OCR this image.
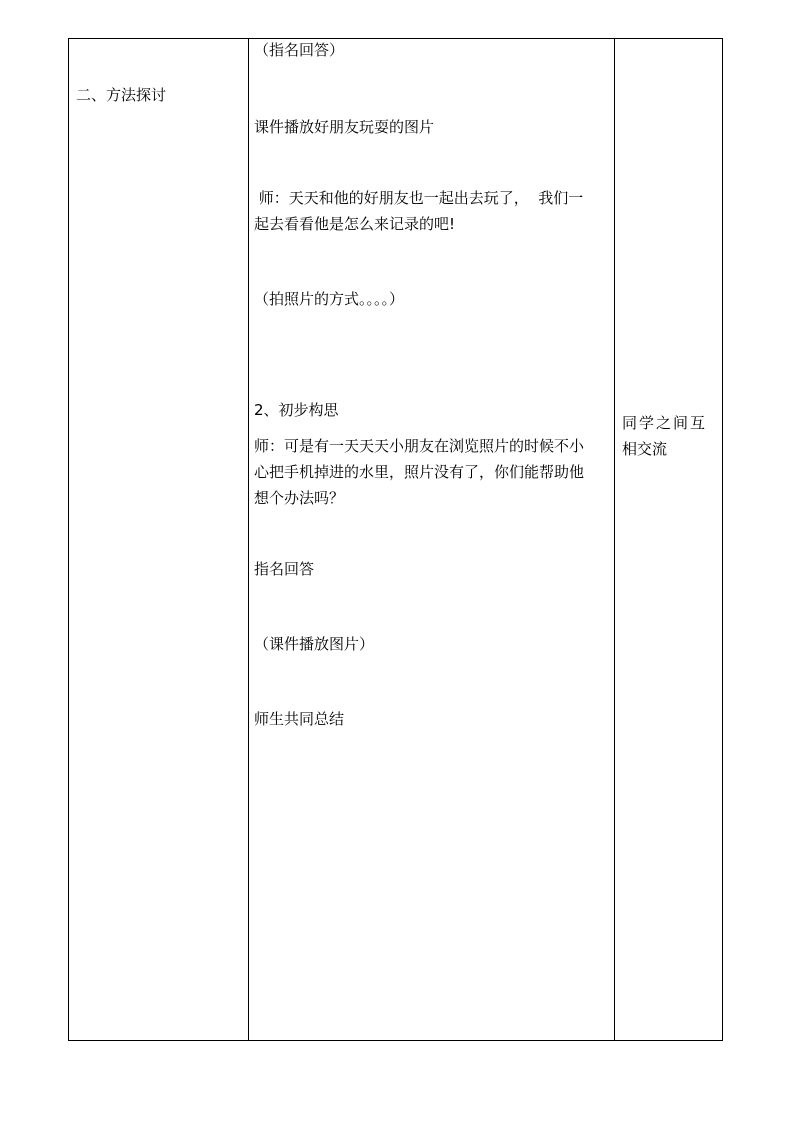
二、方法探讨
（指名回答）
课件播放好朋友玩耍的图片
师：天天和他的好朋友也一起出去玩了，  我们一
起去看看他是怎么来记录的吧!
（拍照片的方式。。。。）
2、初步构思
师：可是有一天天天小朋友在浏览照片的时候不小
心把手机掉进的水里，照片没有了，你们能帮助他
想个办法吗？
指名回答
（课件播放图片）
师生共同总结
同学之间互
相交流
